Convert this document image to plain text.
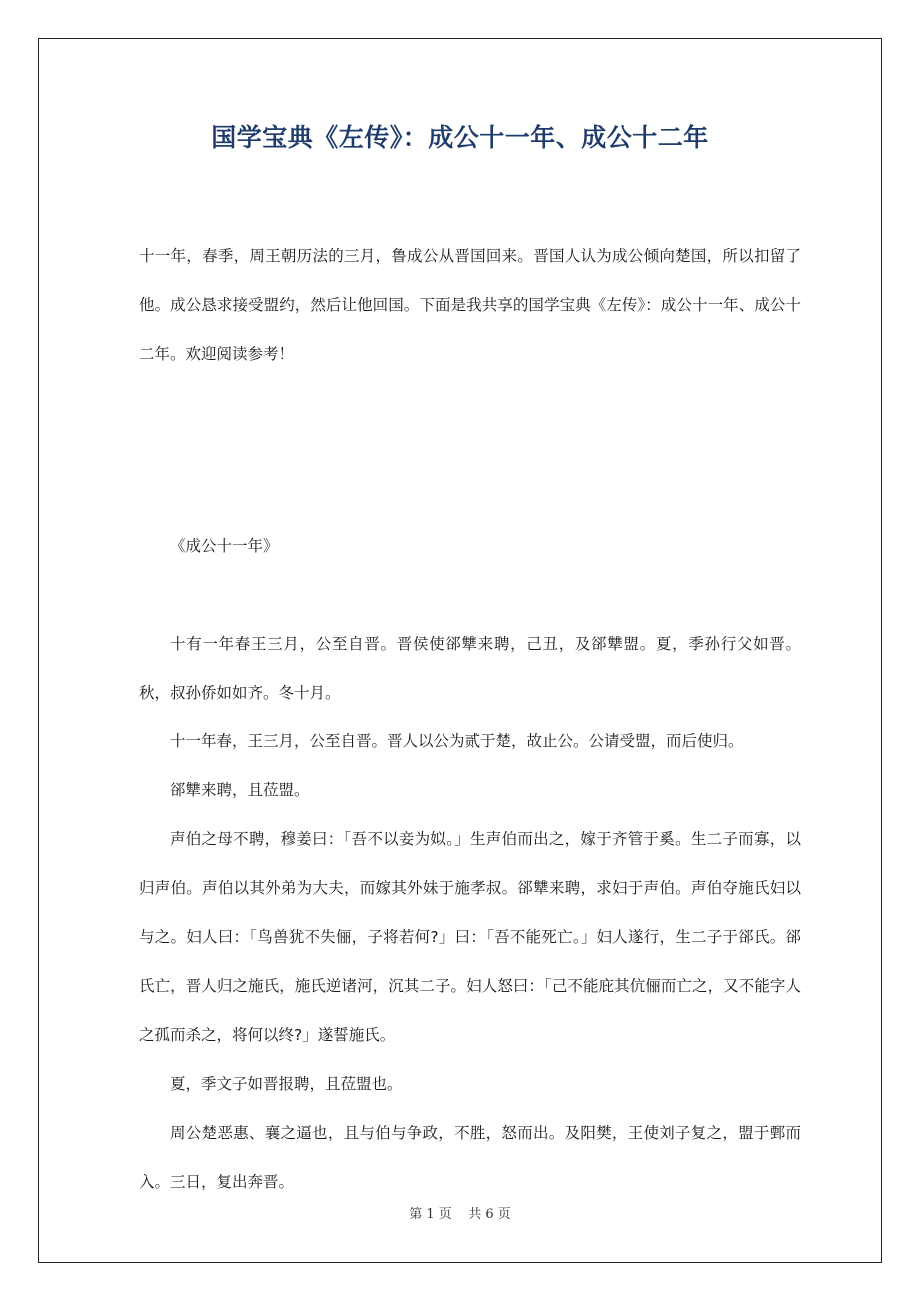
国学宝典《左传》：成公十一年、成公十二年

十一年，春季，周王朝历法的三月，鲁成公从晋国回来。晋国人认为成公倾向楚国，所以扣留了他。成公恳求接受盟约，然后让他回国。下面是我共享的国学宝典《左传》：成公十一年、成公十二年。欢迎阅读参考！

《成公十一年》

十有一年春王三月，公至自晋。晋侯使郤犨来聘，己丑，及郤犨盟。夏，季孙行父如晋。秋，叔孙侨如如齐。冬十月。

十一年春，王三月，公至自晋。晋人以公为贰于楚，故止公。公请受盟，而后使归。

郤犨来聘，且莅盟。

声伯之母不聘，穆姜曰：「吾不以妾为姒。」生声伯而出之，嫁于齐管于奚。生二子而寡，以归声伯。声伯以其外弟为大夫，而嫁其外妹于施孝叔。郤犨来聘，求妇于声伯。声伯夺施氏妇以与之。妇人曰：「鸟兽犹不失俪，子将若何?」曰：「吾不能死亡。」妇人遂行，生二子于郤氏。郤氏亡，晋人归之施氏，施氏逆诸河，沉其二子。妇人怒曰：「己不能庇其伉俪而亡之，又不能字人之孤而杀之，将何以终?」遂誓施氏。

夏，季文子如晋报聘，且莅盟也。

周公楚恶惠、襄之逼也，且与伯与争政，不胜，怒而出。及阳樊，王使刘子复之，盟于鄄而入。三日，复出奔晋。

第 1 页 共 6 页
